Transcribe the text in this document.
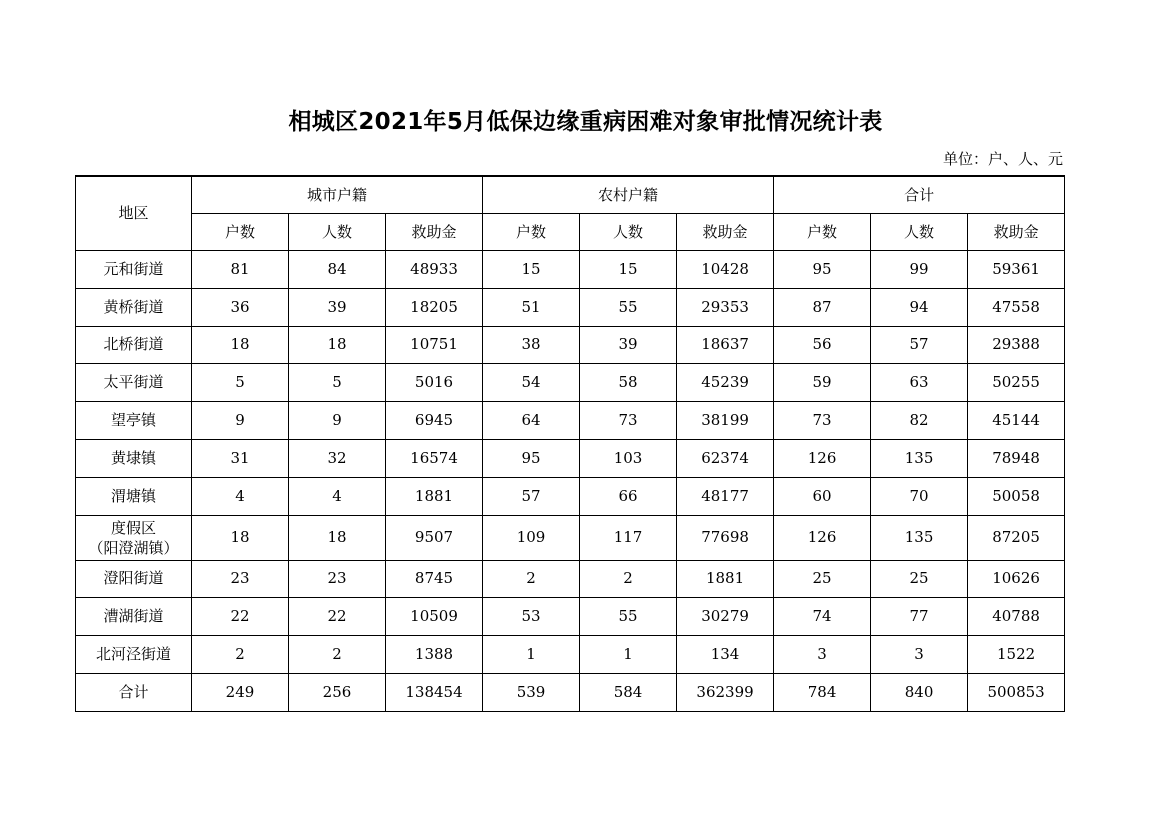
相城区2021年5月低保边缘重病困难对象审批情况统计表
单位：户、人、元
地区	城市户籍			农村户籍			合计		
	户数	人数	救助金	户数	人数	救助金	户数	人数	救助金
元和街道	81	84	48933	15	15	10428	95	99	59361
黄桥街道	36	39	18205	51	55	29353	87	94	47558
北桥街道	18	18	10751	38	39	18637	56	57	29388
太平街道	5	5	5016	54	58	45239	59	63	50255
望亭镇	9	9	6945	64	73	38199	73	82	45144
黄埭镇	31	32	16574	95	103	62374	126	135	78948
渭塘镇	4	4	1881	57	66	48177	60	70	50058

度假区
（阳澄湖镇）	18	18	9507	109	117	77698	126	135	87205
澄阳街道	23	23	8745	2	2	1881	25	25	10626
漕湖街道	22	22	10509	53	55	30279	74	77	40788
北河泾街道	2	2	1388	1	1	134	3	3	1522
合计	249	256	138454	539	584	362399	784	840	500853
